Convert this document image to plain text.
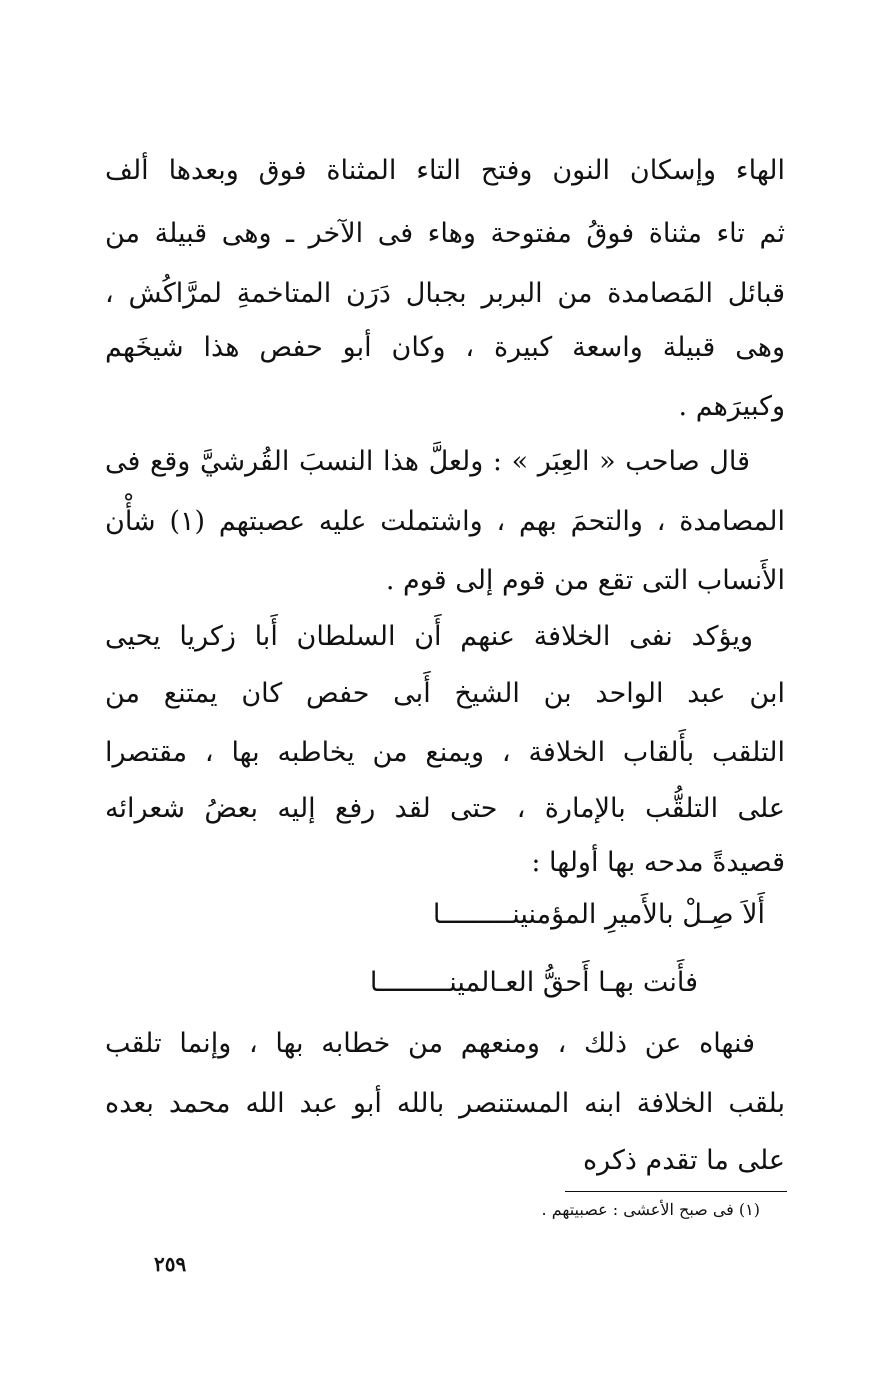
الهاء وإسكان النون وفتح التاء المثناة فوق وبعدها ألف
ثم تاء مثناة فوقُ مفتوحة وهاء فى الآخر ـ وهى قبيلة من
قبائل المَصامدة من البربر بجبال دَرَن المتاخمةِ لمرَّاكُش ،
وهى قبيلة واسعة كبيرة ، وكان أبو حفص هذا شيخَهم
وكبيرَهم .
قال صاحب « العِبَر » : ولعلَّ هذا النسبَ القُرشيَّ وقع فى
المصامدة ، والتحمَ بهم ، واشتملت عليه عصبتهم (١) شأْن
الأَنساب التى تقع من قوم إلى قوم .
ويؤكد نفى الخلافة عنهم أَن السلطان أَبا زكريا يحيى
ابن عبد الواحد بن الشيخ أَبى حفص كان يمتنع من
التلقب بأَلقاب الخلافة ، ويمنع من يخاطبه بها ، مقتصرا
على التلقُّب بالإمارة ، حتى لقد رفع إليه بعضُ شعرائه
قصيدةً مدحه بها أولها :
أَلاَ صِـلْ بالأَميرِ المؤمنينـــــــــا
فأَنت بهـا أَحقُّ العـالمينـــــــــا
فنهاه عن ذلك ، ومنعهم من خطابه بها ، وإنما تلقب
بلقب الخلافة ابنه المستنصر بالله أبو عبد الله محمد بعده
على ما تقدم ذكره
(١) فى صبح الأعشى : عصبيتهم .
٢٥٩
